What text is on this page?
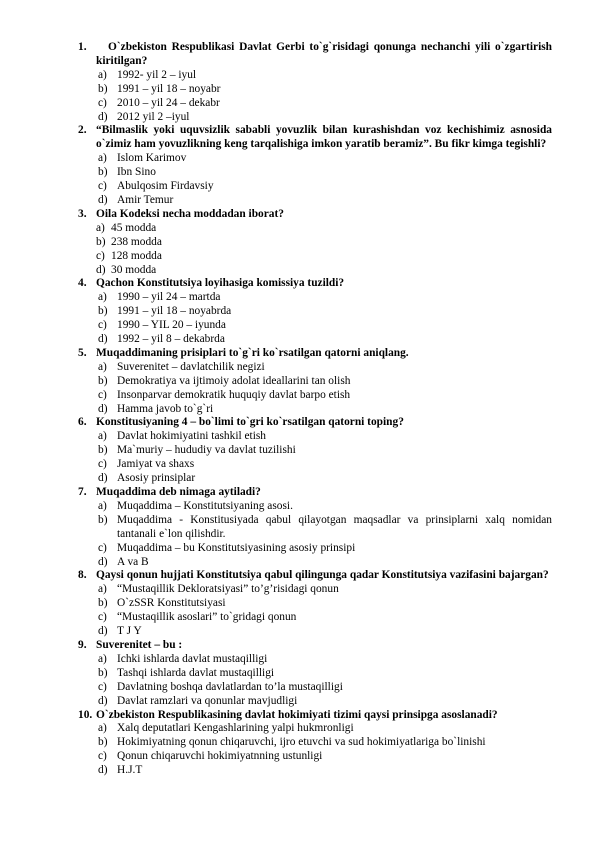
1.	O`zbekiston Respublikasi Davlat Gerbi to`g`risidagi qonunga nechanchi yili o`zgartirish kiritilgan?
a) 1992- yil 2 – iyul
b) 1991 – yil 18 – noyabr
c) 2010 – yil 24 – dekabr
d) 2012 yil 2 –iyul
2. “Bilmaslik yoki uquvsizlik sababli yovuzlik bilan kurashishdan voz kechishimiz asnosida o`zimiz ham yovuzlikning keng tarqalishiga imkon yaratib beramiz”. Bu fikr kimga tegishli?
a) Islom Karimov
b) Ibn Sino
c) Abulqosim Firdavsiy
d) Amir Temur
3. Oila Kodeksi necha moddadan iborat?
a) 45 modda
b) 238 modda
c) 128 modda
d) 30 modda
4. Qachon Konstitutsiya loyihasiga komissiya tuzildi?
a) 1990 – yil 24 – martda
b) 1991 – yil 18 – noyabrda
c) 1990 – YIL 20 – iyunda
d) 1992 – yil 8 – dekabrda
5. Muqaddimaning prisiplari to`g`ri ko`rsatilgan qatorni aniqlang.
a) Suverenitet – davlatchilik negizi
b) Demokratiya va ijtimoiy adolat ideallarini tan olish
c) Insonparvar demokratik huquqiy davlat barpo etish
d) Hamma javob to`g`ri
6. Konstitusiyaning 4 – bo`limi to`gri ko`rsatilgan qatorni toping?
a) Davlat hokimiyatini tashkil etish
b) Ma`muriy – hududiy va davlat tuzilishi
c) Jamiyat va shaxs
d) Asosiy prinsiplar
7. Muqaddima deb nimaga aytiladi?
a) Muqaddima – Konstitutsiyaning asosi.
b) Muqaddima - Konstitusiyada qabul qilayotgan maqsadlar va prinsiplarni xalq nomidan tantanali e`lon qilishdir.
c) Muqaddima – bu Konstitutsiyasining asosiy prinsipi
d) A va B
8. Qaysi qonun hujjati Konstitutsiya qabul qilingunga qadar Konstitutsiya vazifasini bajargan?
a) “Mustaqillik Dekloratsiyasi” to’g’risidagi qonun
b) O`zSSR Konstitutsiyasi
c) “Mustaqillik asoslari” to`gridagi qonun
d) T J Y
9. Suverenitet – bu :
a) Ichki ishlarda davlat mustaqilligi
b) Tashqi ishlarda davlat mustaqilligi
c) Davlatning boshqa davlatlardan to’la mustaqilligi
d) Davlat ramzlari va qonunlar mavjudligi
10. O`zbekiston Respublikasining davlat hokimiyati tizimi qaysi prinsipga asoslanadi?
a) Xalq deputatlari Kengashlarining yalpi hukmronligi
b) Hokimiyatning qonun chiqaruvchi, ijro etuvchi va sud hokimiyatlariga bo`linishi
c) Qonun chiqaruvchi hokimiyatnning ustunligi
d) H.J.T
